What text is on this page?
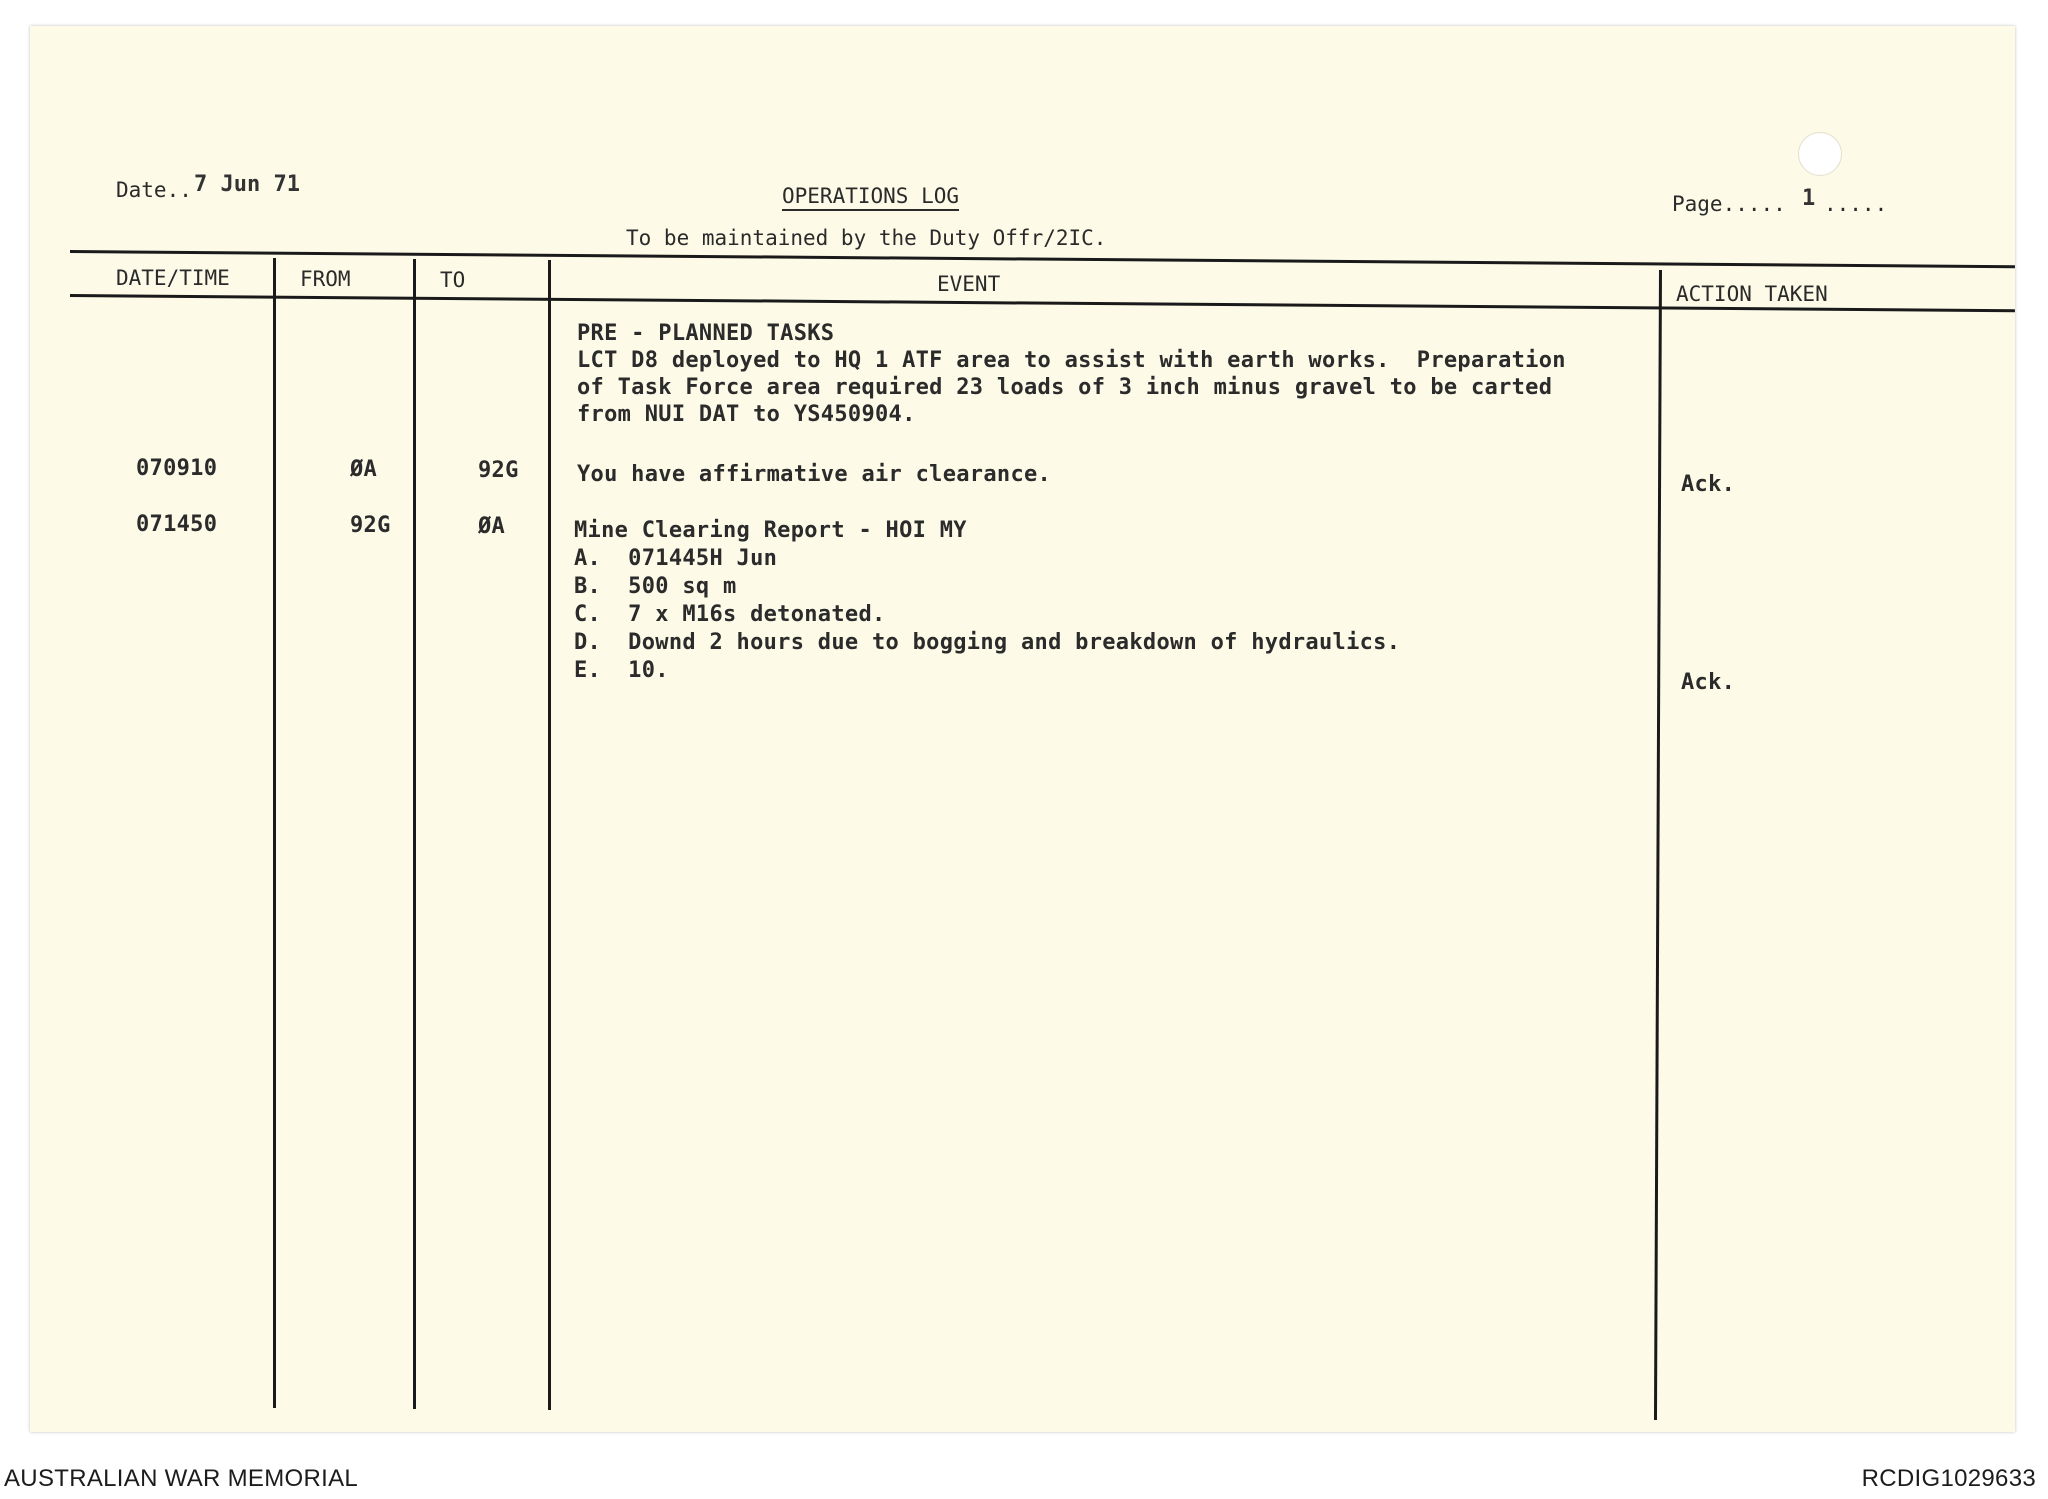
Date.. 7 Jun 71	OPERATIONS LOG
To be maintained by the Duty Offr/2IC.
Page..... 1 .....
DATE/TIME	FROM	TO	EVENT	ACTION TAKEN
PRE - PLANNED TASKS
LCT D8 deployed to HQ 1 ATF area to assist with earth works.  Preparation
of Task Force area required 23 loads of 3 inch minus gravel to be carted
from NUI DAT to YS450904.
070910	ØA	92G	You have affirmative air clearance.	Ack.
071450	92G	ØA	Mine Clearing Report - HOI MY
A.  071445H Jun
B.  500 sq m
C.  7 x M16s detonated.
D.  Downd 2 hours due to bogging and breakdown of hydraulics.
E.  10.	Ack.
AUSTRALIAN WAR MEMORIAL	RCDIG1029633
